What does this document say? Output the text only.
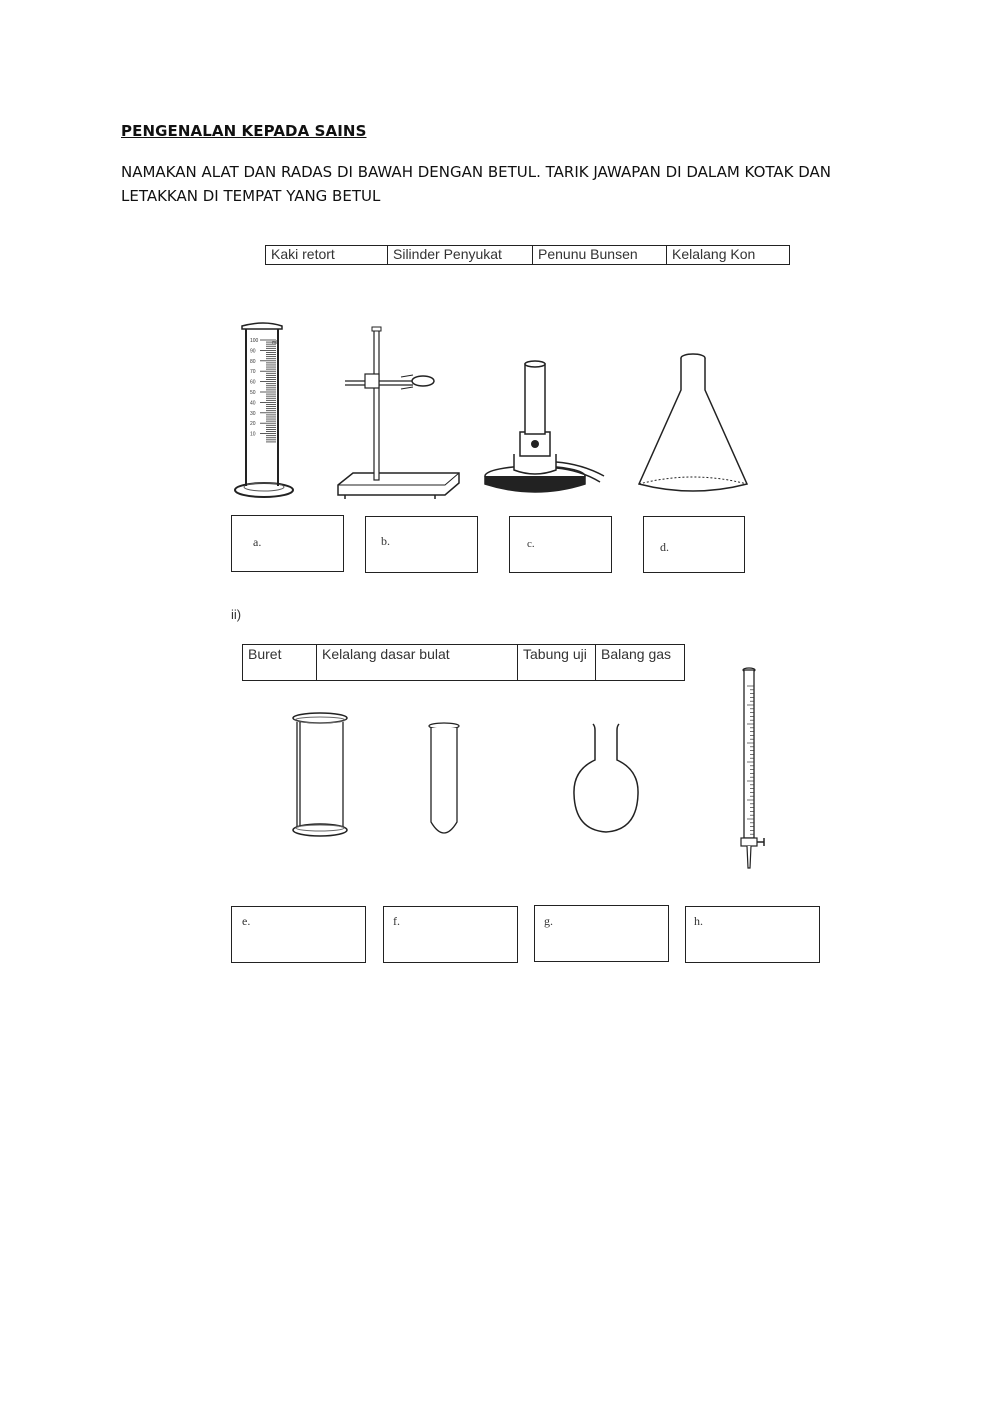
PENGENALAN KEPADA SAINS
NAMAKAN ALAT DAN RADAS DI BAWAH DENGAN BETUL. TARIK JAWAPAN DI DALAM KOTAK DAN LETAKKAN DI TEMPAT YANG BETUL
Kaki retort	Silinder Penyukat	Penunu Bunsen	Kelalang Kon
100
90
80
70
60
50
40
30
20
10
ml
a.	b.	c.	d.
ii)
Buret	Kelalang dasar bulat	Tabung uji	Balang gas
e.	f.	g.	h.
